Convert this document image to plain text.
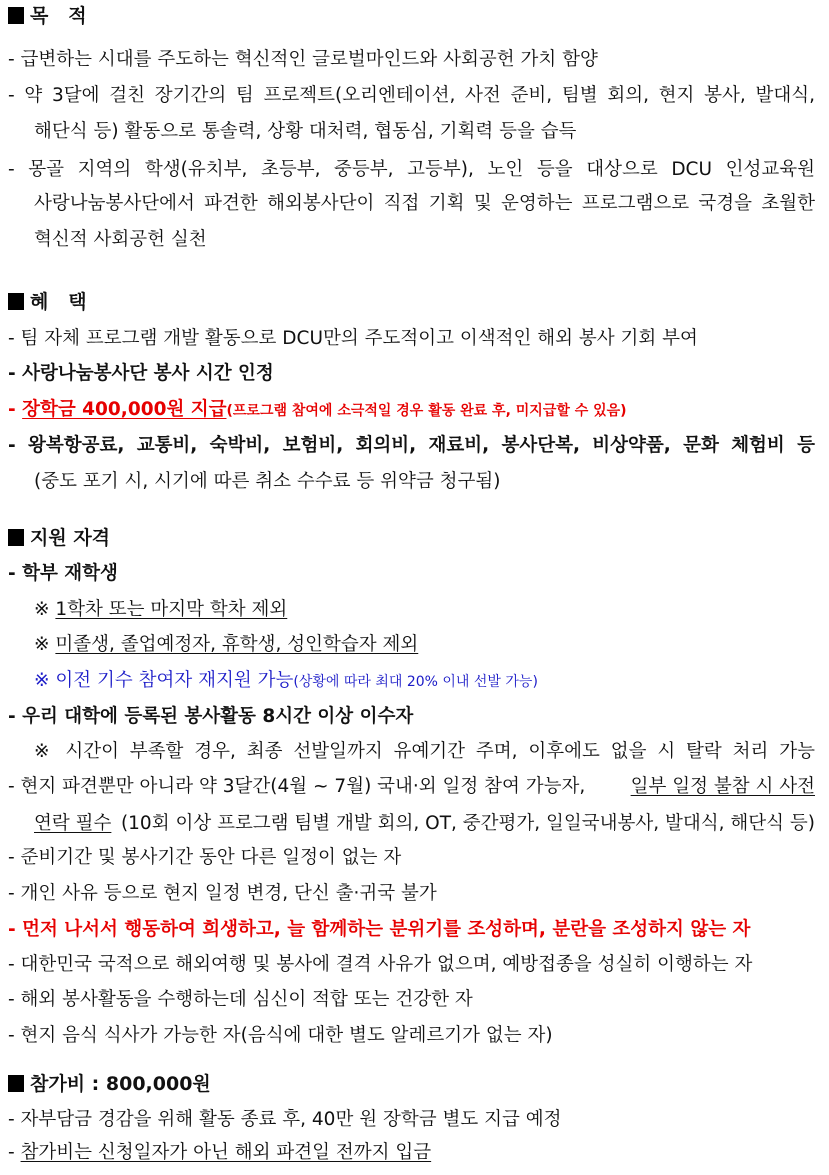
목   적
- 급변하는 시대를 주도하는 혁신적인 글로벌마인드와 사회공헌 가치 함양
- 약 3달에 걸친 장기간의 팀 프로젝트(오리엔테이션, 사전 준비, 팀별 회의, 현지 봉사, 발대식,
해단식 등) 활동으로 통솔력, 상황 대처력, 협동심, 기획력 등을 습득
- 몽골 지역의 학생(유치부, 초등부, 중등부, 고등부), 노인 등을 대상으로 DCU 인성교육원
사랑나눔봉사단에서 파견한 해외봉사단이 직접 기획 및 운영하는 프로그램으로 국경을 초월한
혁신적 사회공헌 실천
혜   택
- 팀 자체 프로그램 개발 활동으로 DCU만의 주도적이고 이색적인 해외 봉사 기회 부여
- 사랑나눔봉사단 봉사 시간 인정
- 장학금 400,000원 지급(프로그램 참여에 소극적일 경우 활동 완료 후, 미지급할 수 있음)
- 왕복항공료, 교통비, 숙박비, 보험비, 회의비, 재료비, 봉사단복, 비상약품, 문화 체험비 등
(중도 포기 시, 시기에 따른 취소 수수료 등 위약금 청구됨)
지원 자격
- 학부 재학생
※ 1학차 또는 마지막 학차 제외
※ 미졸생, 졸업예정자, 휴학생, 성인학습자 제외
※ 이전 기수 참여자 재지원 가능(상황에 따라 최대 20% 이내 선발 가능)
- 우리 대학에 등록된 봉사활동 8시간 이상 이수자
※ 시간이 부족할 경우, 최종 선발일까지 유예기간 주며, 이후에도 없을 시 탈락 처리 가능
- 현지 파견뿐만 아니라 약 3달간(4월 ~ 7월) 국내·외 일정 참여 가능자, 일부 일정 불참 시 사전
연락 필수 (10회 이상 프로그램 팀별 개발 회의, OT, 중간평가, 일일국내봉사, 발대식, 해단식 등)
- 준비기간 및 봉사기간 동안 다른 일정이 없는 자
- 개인 사유 등으로 현지 일정 변경, 단신 출·귀국 불가
- 먼저 나서서 행동하여 희생하고, 늘 함께하는 분위기를 조성하며, 분란을 조성하지 않는 자
- 대한민국 국적으로 해외여행 및 봉사에 결격 사유가 없으며, 예방접종을 성실히 이행하는 자
- 해외 봉사활동을 수행하는데 심신이 적합 또는 건강한 자
- 현지 음식 식사가 가능한 자(음식에 대한 별도 알레르기가 없는 자)
참가비 : 800,000원
- 자부담금 경감을 위해 활동 종료 후, 40만 원 장학금 별도 지급 예정
- 참가비는 신청일자가 아닌 해외 파견일 전까지 입금
